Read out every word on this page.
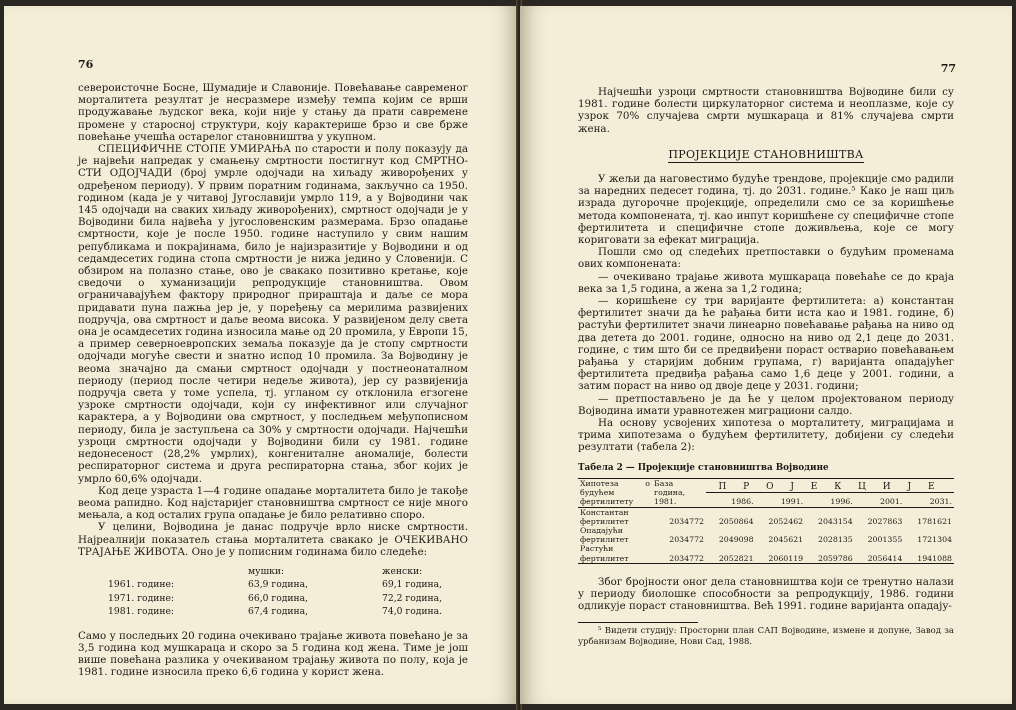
76

североисточне Босне, Шумадије и Славоније. Повећавање савременог морталитета резултат је несразмере између темпа којим се врши продужавање људског века, који није у стању да прати савремене промене у старосној структури, коју карактерише брзо и све брже повећање учешћа остарелог становништва у укупном.

СПЕЦИФИЧНЕ СТОПЕ УМИРАЊА по старости и полу показују да је највећи напредак у смањењу смртности постигнут код СМРТНО-СТИ ОДОЈЧАДИ (број умрле одојчади на хиљаду живорођених у одређеном периоду). У првим поратним годинама, закључно са 1950. годином (када је у читавој Југославији умрло 119, а у Војводини чак 145 одојчади на сваких хиљаду живорођених), смртност одојчади је у Војводини била највећа у југословенским размерама. Брзо опадање смртности, које је после 1950. године наступило у свим нашим републикама и покрајинама, било је најизразитије у Војводини и од седамдесетих година стопа смртности је нижа једино у Словенији. С обзиром на полазно стање, ово је свакако позитивно кретање, које сведочи о хуманизацији репродукције становништва. Овом ограничавајућем фактору природног прираштаја и даље се мора придавати пуна пажња јер је, у поређењу са мерилима развијених подручја, ова смртност и даље веома висока. У развијеном делу света она је осамдесетих година износила мање од 20 промила, у Европи 15, а пример северноевропских земаља показује да је стопу смртности одојчади могуће свести и знатно испод 10 промила. За Војводину је веома значајно да смањи смртност одојчади у постнеонаталном периоду (период после четири недеље живота), јер су развијенија подручја света у томе успела, тј. угланом су отклонила егзогене узроке смртности одојчади, који су инфективног или случајног карактера, а у Војводини ова смртност, у последњем међупописном периоду, била је заступљена са 30% у смртности одојчади. Најчешћи узроци смртности одојчади у Војводини били су 1981. године недонесеност (28,2% умрлих), конгениталне аномалије, болести респираторног система и друга респираторна стања, због којих је умрло 60,6% одојчади.

Код деце узраста 1—4 године опадање морталитета било је такође веома рапидно. Код најстаријег становништва смртност се није много мењала, а код осталих група опадање је било релативно споро.

У целини, Војводина је данас подручје врло ниске смртности. Најреалнији показатељ стања морталитета свакако је ОЧЕКИВАНО ТРАЈАЊЕ ЖИВОТА. Оно је у пописним годинама било следеће:

	мушки:	женски:
1961. године:	63,9 година,	69,1 година,
1971. године:	66,0 година,	72,2 година,
1981. године:	67,4 година,	74,0 година.

Само у последњих 20 година очекивано трајање живота повећано је за 3,5 година код мушкараца и скоро за 5 година код жена. Тиме је још више повећана разлика у очекиваном трајању живота по полу, која је 1981. године износила преко 6,6 година у корист жена.

77

Најчешћи узроци смртности становништва Војводине били су 1981. године болести циркулаторног система и неоплазме, које су узрок 70% случајева смрти мушкараца и 81% случајева смрти жена.

ПРОЈЕКЦИЈЕ СТАНОВНИШТВА

У жељи да наговестимо будуће трендове, пројекције смо радили за наредних педесет година, тј. до 2031. године.⁵ Како је наш циљ израда дугорочне пројекције, определили смо се за коришћење метода компонената, тј. као инпут коришћене су специфичне стопе фертилитета и специфичне стопе доживљења, које се могу кориговати за ефекат миграција.

Пошли смо од следећих претпоставки о будућим променама ових компонената:

— очекивано трајање живота мушкараца повећаће се до краја века за 1,5 година, а жена за 1,2 година;

— коришћене су три варијанте фертилитета: а) константан фертилитет значи да ће рађања бити иста као и 1981. године, б) растући фертилитет значи линеарно повећавање рађања на ниво од два детета до 2001. године, односно на ниво од 2,1 деце до 2031. године, с тим што би се предвиђени пораст остварио повећавањем рађања у старијим добним групама, г) варијанта опадајућег фертилитета предвиђа рађања само 1,6 деце у 2001. години, а затим пораст на ниво од двоје деце у 2031. години;

— претпостављено је да ће у целом пројектованом периоду Војводина имати уравнотежен миграциони салдо.

На основу усвојених хипотеза о морталитету, миграцијама и трима хипотезама о будућем фертилитету, добијени су следећи резултати (табела 2):

Табела 2 — Пројекције становништва Војводине
Хипотеза о будућем фертилитету	База година, 1981.	П Р О Ј Е К Ц И Ј Е				
		1986.	1991.	1996.	2001.	2031.
Константан фертилитет	2034772	2050864	2052462	2043154	2027863	1781621
Опадајући фертилитет	2034772	2049098	2045621	2028135	2001355	1721304
Растући фертилитет	2034772	2052821	2060119	2059786	2056414	1941088

Због бројности оног дела становништва који се тренутно налази у периоду биолошке способности за репродукцију, 1986. години одликује пораст становништва. Већ 1991. године варијанта опадају-

⁵ Видети студију: Просторни план САП Војводине, измене и допуне, Завод за урбанизам Војводине, Нови Сад, 1988.
